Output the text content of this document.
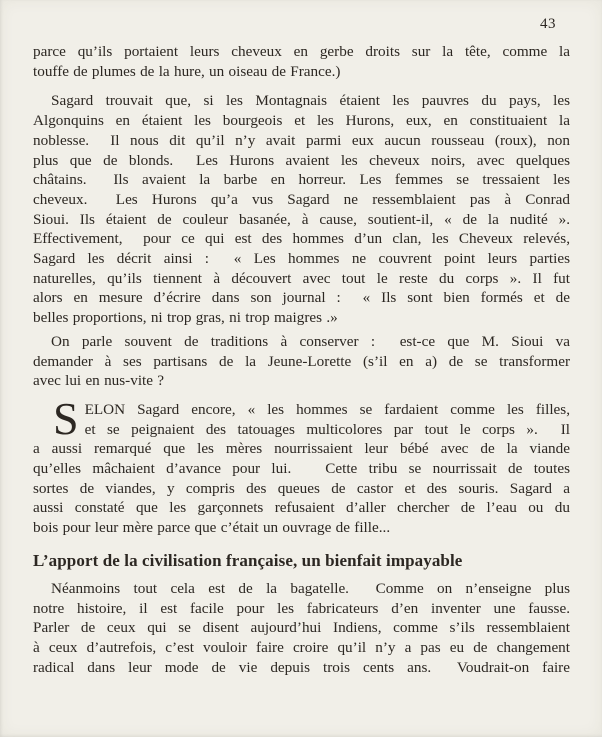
43
parce qu’ils portaient leurs cheveux en gerbe droits sur la tête, comme la
touffe de plumes de la hure, un oiseau de France.)
Sagard trouvait que, si les Montagnais étaient les pauvres du pays, les
Algonquins en étaient les bourgeois et les Hurons, eux, en constituaient la
noblesse.  Il nous dit qu’il n’y avait parmi eux aucun rousseau (roux), non
plus que de blonds.  Les Hurons avaient les cheveux noirs, avec quelques
châtains.  Ils avaient la barbe en horreur. Les femmes se tressaient les
cheveux.  Les Hurons qu’a vus Sagard ne ressemblaient pas à Conrad
Sioui. Ils étaient de couleur basanée, à cause, soutient-il, « de la nudité ».
Effectivement,  pour ce qui est des hommes d’un clan, les Cheveux relevés,
Sagard les décrit ainsi :  « Les hommes ne couvrent point leurs parties
naturelles, qu’ils tiennent à découvert avec tout le reste du corps ». Il fut
alors en mesure d’écrire dans son journal :  « Ils sont bien formés et de
belles proportions, ni trop gras, ni trop maigres .»
On parle souvent de traditions à conserver :  est-ce que M. Sioui va
demander à ses partisans de la Jeune-Lorette (s’il en a) de se transformer
avec lui en nus-vite ?
S ELON Sagard encore, « les hommes se fardaient comme les filles,
et se peignaient des tatouages multicolores par tout le corps ».  Il
a aussi remarqué que les mères nourrissaient leur bébé avec de la viande
qu’elles mâchaient d’avance pour lui.   Cette tribu se nourrissait de toutes
sortes de viandes, y compris des queues de castor et des souris. Sagard a
aussi constaté que les garçonnets refusaient d’aller chercher de l’eau ou du
bois pour leur mère parce que c’était un ouvrage de fille...
L’apport de la civilisation française, un bienfait impayable
Néanmoins tout cela est de la bagatelle.  Comme on n’enseigne plus
notre histoire, il est facile pour les fabricateurs d’en inventer une fausse.
Parler de ceux qui se disent aujourd’hui Indiens, comme s’ils ressemblaient
à ceux d’autrefois, c’est vouloir faire croire qu’il n’y a pas eu de changement
radical dans leur mode de vie depuis trois cents ans.  Voudrait-on faire
